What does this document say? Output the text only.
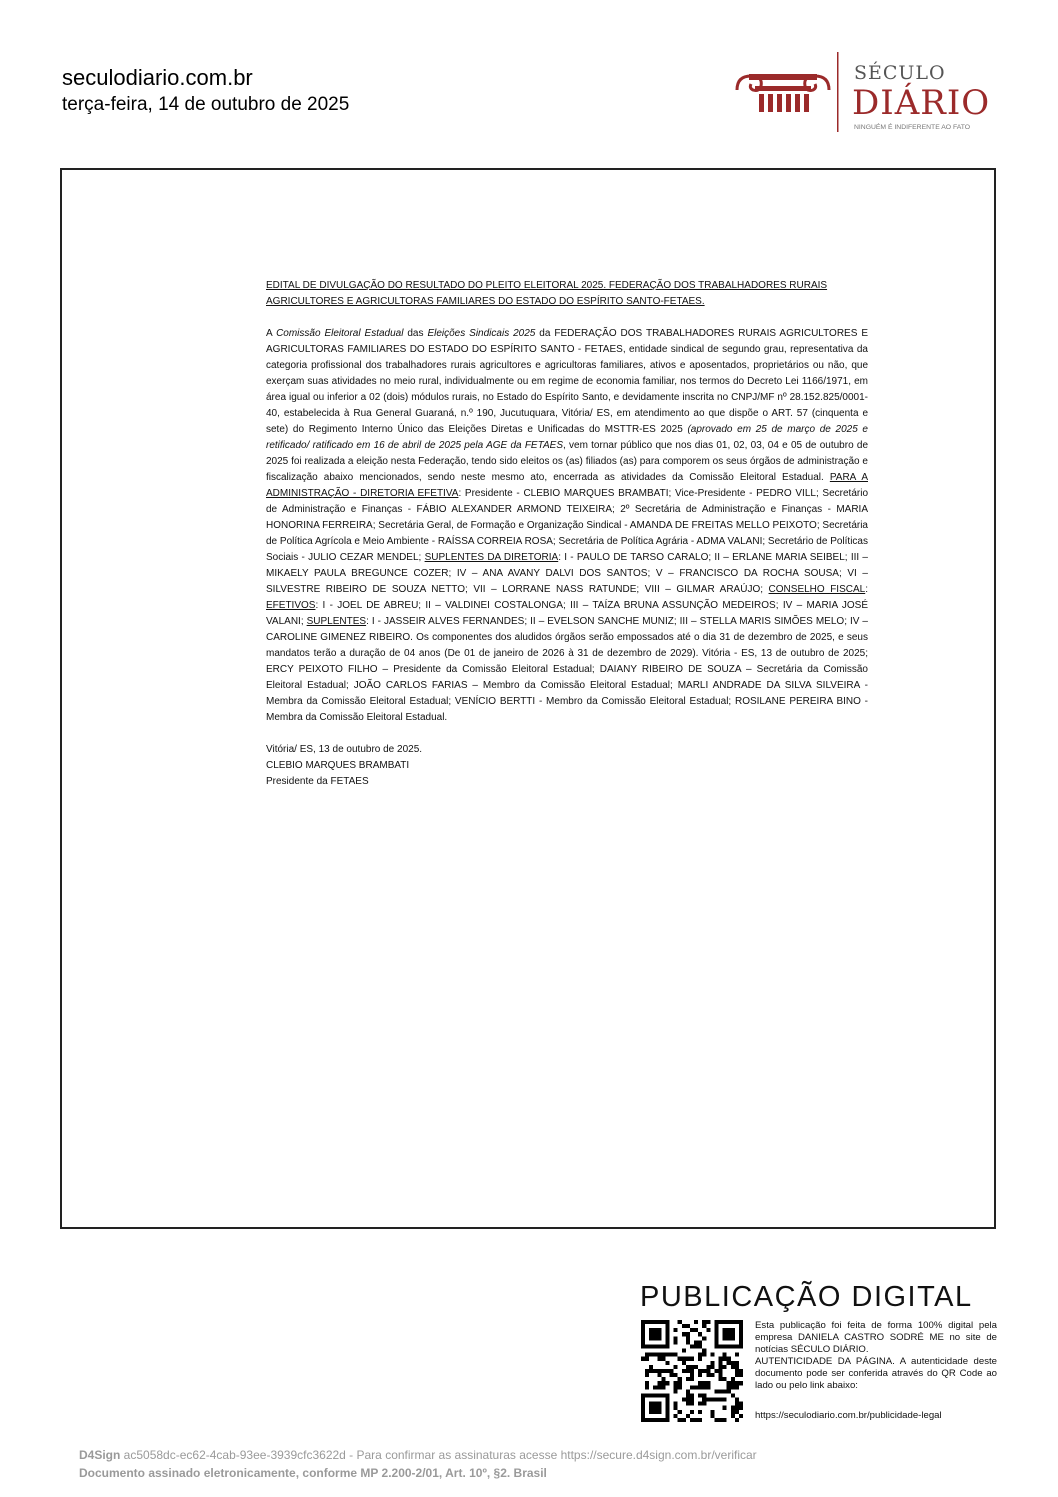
seculodiario.com.br
terça-feira, 14 de outubro de 2025
SÉCULO
DIÁRIO
NINGUÉM É INDIFERENTE AO FATO

EDITAL DE DIVULGAÇÃO DO RESULTADO DO PLEITO ELEITORAL 2025. FEDERAÇÃO DOS TRABALHADORES RURAIS AGRICULTORES E AGRICULTORAS FAMILIARES DO ESTADO DO ESPÍRITO SANTO-FETAES.

A Comissão Eleitoral Estadual das Eleições Sindicais 2025 da FEDERAÇÃO DOS TRABALHADORES RURAIS AGRICULTORES E AGRICULTORAS FAMILIARES DO ESTADO DO ESPÍRITO SANTO - FETAES, entidade sindical de segundo grau, representativa da categoria profissional dos trabalhadores rurais agricultores e agricultoras familiares, ativos e aposentados, proprietários ou não, que exerçam suas atividades no meio rural, individualmente ou em regime de economia familiar, nos termos do Decreto Lei 1166/1971, em área igual ou inferior a 02 (dois) módulos rurais, no Estado do Espírito Santo, e devidamente inscrita no CNPJ/MF nº 28.152.825/0001-40, estabelecida à Rua General Guaraná, n.º 190, Jucutuquara, Vitória/ ES, em atendimento ao que dispõe o ART. 57 (cinquenta e sete) do Regimento Interno Único das Eleições Diretas e Unificadas do MSTTR-ES 2025 (aprovado em 25 de março de 2025 e retificado/ ratificado em 16 de abril de 2025 pela AGE da FETAES, vem tornar público que nos dias 01, 02, 03, 04 e 05 de outubro de 2025 foi realizada a eleição nesta Federação, tendo sido eleitos os (as) filiados (as) para comporem os seus órgãos de administração e fiscalização abaixo mencionados, sendo neste mesmo ato, encerrada as atividades da Comissão Eleitoral Estadual. PARA A ADMINISTRAÇÃO - DIRETORIA EFETIVA: Presidente - CLEBIO MARQUES BRAMBATI; Vice-Presidente - PEDRO VILL; Secretário de Administração e Finanças - FÁBIO ALEXANDER ARMOND TEIXEIRA; 2º Secretária de Administração e Finanças - MARIA HONORINA FERREIRA; Secretária Geral, de Formação e Organização Sindical - AMANDA DE FREITAS MELLO PEIXOTO; Secretária de Política Agrícola e Meio Ambiente - RAÍSSA CORREIA ROSA; Secretária de Política Agrária - ADMA VALANI; Secretário de Políticas Sociais - JULIO CEZAR MENDEL; SUPLENTES DA DIRETORIA: I - PAULO DE TARSO CARALO; II – ERLANE MARIA SEIBEL; III – MIKAELY PAULA BREGUNCE COZER; IV – ANA AVANY DALVI DOS SANTOS; V – FRANCISCO DA ROCHA SOUSA; VI – SILVESTRE RIBEIRO DE SOUZA NETTO; VII – LORRANE NASS RATUNDE; VIII – GILMAR ARAÚJO; CONSELHO FISCAL: EFETIVOS: I - JOEL DE ABREU; II – VALDINEI COSTALONGA; III – TAÍZA BRUNA ASSUNÇÃO MEDEIROS; IV – MARIA JOSÉ VALANI; SUPLENTES: I - JASSEIR ALVES FERNANDES; II – EVELSON SANCHE MUNIZ; III – STELLA MARIS SIMÕES MELO; IV – CAROLINE GIMENEZ RIBEIRO. Os componentes dos aludidos órgãos serão empossados até o dia 31 de dezembro de 2025, e seus mandatos terão a duração de 04 anos (De 01 de janeiro de 2026 à 31 de dezembro de 2029). Vitória - ES, 13 de outubro de 2025; ERCY PEIXOTO FILHO – Presidente da Comissão Eleitoral Estadual; DAIANY RIBEIRO DE SOUZA – Secretária da Comissão Eleitoral Estadual; JOÃO CARLOS FARIAS – Membro da Comissão Eleitoral Estadual; MARLI ANDRADE DA SILVA SILVEIRA - Membra da Comissão Eleitoral Estadual; VENÍCIO BERTTI - Membro da Comissão Eleitoral Estadual; ROSILANE PEREIRA BINO - Membra da Comissão Eleitoral Estadual.

Vitória/ ES, 13 de outubro de 2025.
CLEBIO MARQUES BRAMBATI
Presidente da FETAES

PUBLICAÇÃO DIGITAL

Esta publicação foi feita de forma 100% digital pela empresa DANIELA CASTRO SODRÉ ME no site de notícias SÉCULO DIÁRIO.

AUTENTICIDADE DA PÁGINA. A autenticidade deste documento pode ser conferida através do QR Code ao lado ou pelo link abaixo:

https://seculodiario.com.br/publicidade-legal
D4Sign ac5058dc-ec62-4cab-93ee-3939cfc3622d - Para confirmar as assinaturas acesse https://secure.d4sign.com.br/verificar
Documento assinado eletronicamente, conforme MP 2.200-2/01, Art. 10º, §2. Brasil
